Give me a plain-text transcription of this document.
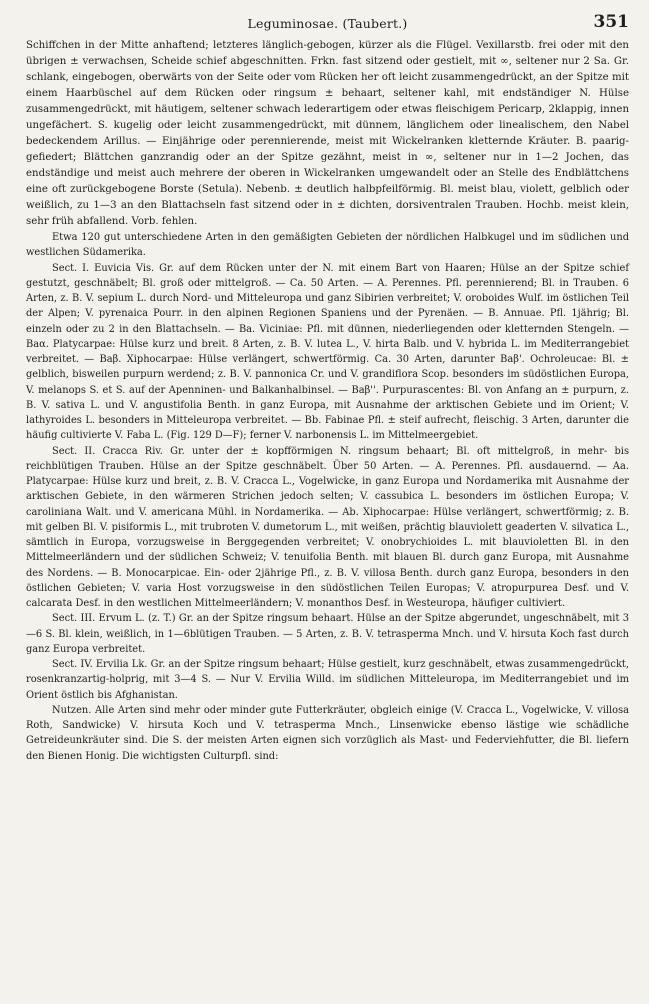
Leguminosae. (Taubert.)	351

Schiffchen in der Mitte anhaftend; letzteres länglich-gebogen, kürzer als die Flügel. Vexillarstb. frei oder mit den übrigen ± verwachsen, Scheide schief abgeschnitten. Frkn. fast sitzend oder gestielt, mit ∞, seltener nur 2 Sa. Gr. schlank, eingebogen, oberwärts von der Seite oder vom Rücken her oft leicht zusammengedrückt, an der Spitze mit einem Haarbüschel auf dem Rücken oder ringsum ± behaart, seltener kahl, mit endständiger N. Hülse zusammengedrückt, mit häutigem, seltener schwach lederartigem oder etwas fleischigem Pericarp, 2klappig, innen ungefächert. S. kugelig oder leicht zusammengedrückt, mit dünnem, länglichem oder linealischem, den Nabel bedeckendem Arillus. — Einjährige oder perennierende, meist mit Wickelranken kletternde Kräuter. B. paarig-gefiedert; Blättchen ganzrandig oder an der Spitze gezähnt, meist in ∞, seltener nur in 1—2 Jochen, das endständige und meist auch mehrere der oberen in Wickelranken umgewandelt oder an Stelle des Endblättchens eine oft zurückgebogene Borste (Setula). Nebenb. ± deutlich halbpfeilförmig. Bl. meist blau, violett, gelblich oder weißlich, zu 1—3 an den Blattachseln fast sitzend oder in ± dichten, dorsiventralen Trauben. Hochb. meist klein, sehr früh abfallend. Vorb. fehlen.

Etwa 120 gut unterschiedene Arten in den gemäßigten Gebieten der nördlichen Halbkugel und im südlichen und westlichen Südamerika.

Sect. I. Euvicia Vis. Gr. auf dem Rücken unter der N. mit einem Bart von Haaren; Hülse an der Spitze schief gestutzt, geschnäbelt; Bl. groß oder mittelgroß. — Ca. 50 Arten. — A. Perennes. Pfl. perennierend; Bl. in Trauben. 6 Arten, z. B. V. sepium L. durch Nord- und Mitteleuropa und ganz Sibirien verbreitet; V. oroboides Wulf. im östlichen Teil der Alpen; V. pyrenaica Pourr. in den alpinen Regionen Spaniens und der Pyrenäen. — B. Annuae. Pfl. 1jährig; Bl. einzeln oder zu 2 in den Blattachseln. — Ba. Viciniae: Pfl. mit dünnen, niederliegenden oder kletternden Stengeln. — Baα. Platycarpae: Hülse kurz und breit. 8 Arten, z. B. V. lutea L., V. hirta Balb. und V. hybrida L. im Mediterrangebiet verbreitet. — Baβ. Xiphocarpae: Hülse verlängert, schwertförmig. Ca. 30 Arten, darunter Baβ'. Ochroleucae: Bl. ± gelblich, bisweilen purpurn werdend; z. B. V. pannonica Cr. und V. grandiflora Scop. besonders im südöstlichen Europa, V. melanops S. et S. auf der Apenninen- und Balkanhalbinsel. — Baβ''. Purpurascentes: Bl. von Anfang an ± purpurn, z. B. V. sativa L. und V. angustifolia Benth. in ganz Europa, mit Ausnahme der arktischen Gebiete und im Orient; V. lathyroides L. besonders in Mitteleuropa verbreitet. — Bb. Fabinae Pfl. ± steif aufrecht, fleischig. 3 Arten, darunter die häufig cultivierte V. Faba L. (Fig. 129 D—F); ferner V. narbonensis L. im Mittelmeergebiet.

Sect. II. Cracca Riv. Gr. unter der ± kopfförmigen N. ringsum behaart; Bl. oft mittelgroß, in mehr- bis reichblütigen Trauben. Hülse an der Spitze geschnäbelt. Über 50 Arten. — A. Perennes. Pfl. ausdauernd. — Aa. Platycarpae: Hülse kurz und breit, z. B. V. Cracca L., Vogelwicke, in ganz Europa und Nordamerika mit Ausnahme der arktischen Gebiete, in den wärmeren Strichen jedoch selten; V. cassubica L. besonders im östlichen Europa; V. caroliniana Walt. und V. americana Mühl. in Nordamerika. — Ab. Xiphocarpae: Hülse verlängert, schwertförmig; z. B. mit gelben Bl. V. pisiformis L., mit trubroten V. dumetorum L., mit weißen, prächtig blauviolett geaderten V. silvatica L., sämtlich in Europa, vorzugsweise in Berggegenden verbreitet; V. onobrychioides L. mit blauvioletten Bl. in den Mittelmeerländern und der südlichen Schweiz; V. tenuifolia Benth. mit blauen Bl. durch ganz Europa, mit Ausnahme des Nordens. — B. Monocarpicae. Ein- oder 2jährige Pfl., z. B. V. villosa Benth. durch ganz Europa, besonders in den östlichen Gebieten; V. varia Host vorzugsweise in den südöstlichen Teilen Europas; V. atropurpurea Desf. und V. calcarata Desf. in den westlichen Mittelmeerländern; V. monanthos Desf. in Westeuropa, häufiger cultiviert.

Sect. III. Ervum L. (z. T.) Gr. an der Spitze ringsum behaart. Hülse an der Spitze abgerundet, ungeschnäbelt, mit 3—6 S. Bl. klein, weißlich, in 1—6blütigen Trauben. — 5 Arten, z. B. V. tetrasperma Mnch. und V. hirsuta Koch fast durch ganz Europa verbreitet.

Sect. IV. Ervilia Lk. Gr. an der Spitze ringsum behaart; Hülse gestielt, kurz geschnäbelt, etwas zusammengedrückt, rosenkranzartig-holprig, mit 3—4 S. — Nur V. Ervilia Willd. im südlichen Mitteleuropa, im Mediterrangebiet und im Orient östlich bis Afghanistan.

Nutzen. Alle Arten sind mehr oder minder gute Futterkräuter, obgleich einige (V. Cracca L., Vogelwicke, V. villosa Roth, Sandwicke) V. hirsuta Koch und V. tetrasperma Mnch., Linsenwicke ebenso lästige wie schädliche Getreideunkräuter sind. Die S. der meisten Arten eignen sich vorzüglich als Mast- und Federviehfutter, die Bl. liefern den Bienen Honig. Die wichtigsten Culturpfl. sind:
